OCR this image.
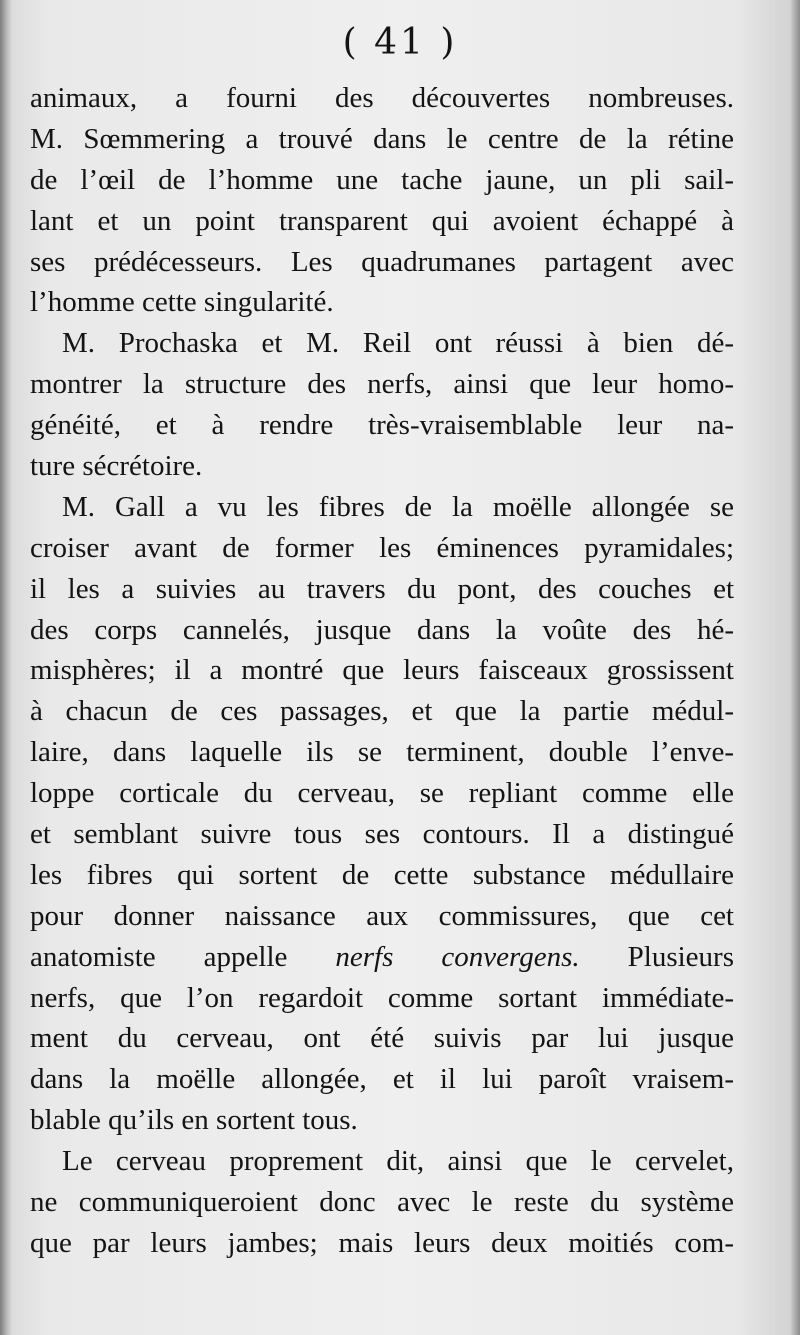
( 41 )
animaux, a fourni des découvertes nombreuses.
M. Sœmmering a trouvé dans le centre de la rétine
de l’œil de l’homme une tache jaune, un pli sail-
lant et un point transparent qui avoient échappé à
ses prédécesseurs. Les quadrumanes partagent avec
l’homme cette singularité.
M. Prochaska et M. Reil ont réussi à bien dé-
montrer la structure des nerfs, ainsi que leur homo-
généité, et à rendre très-vraisemblable leur na-
ture sécrétoire.
M. Gall a vu les fibres de la moëlle allongée se
croiser avant de former les éminences pyramidales;
il les a suivies au travers du pont, des couches et
des corps cannelés, jusque dans la voûte des hé-
misphères; il a montré que leurs faisceaux grossissent
à chacun de ces passages, et que la partie médul-
laire, dans laquelle ils se terminent, double l’enve-
loppe corticale du cerveau, se repliant comme elle
et semblant suivre tous ses contours. Il a distingué
les fibres qui sortent de cette substance médullaire
pour donner naissance aux commissures, que cet
anatomiste appelle nerfs convergens. Plusieurs
nerfs, que l’on regardoit comme sortant immédiate-
ment du cerveau, ont été suivis par lui jusque
dans la moëlle allongée, et il lui paroît vraisem-
blable qu’ils en sortent tous.
Le cerveau proprement dit, ainsi que le cervelet,
ne communiqueroient donc avec le reste du système
que par leurs jambes; mais leurs deux moitiés com-
